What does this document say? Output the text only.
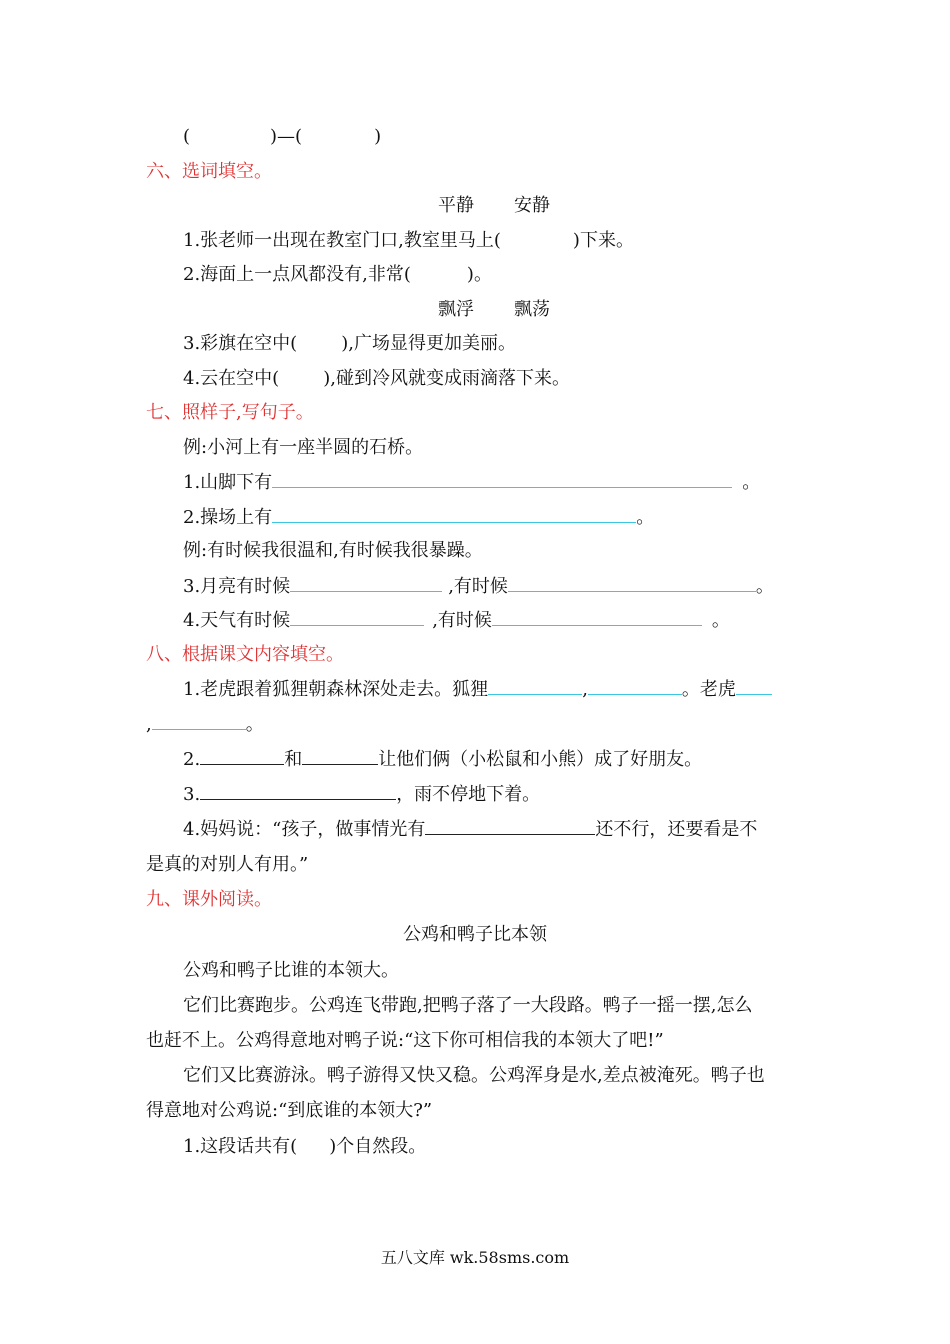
(	)—(	)
六、选词填空。
平静 安静
1.张老师一出现在教室门口,教室里马上(	)下来。
2.海面上一点风都没有,非常(	)。
飘浮 飘荡
3.彩旗在空中( ),广场显得更加美丽。
4.云在空中( ),碰到冷风就变成雨滴落下来。
七、照样子,写句子。
例:小河上有一座半圆的石桥。
1.山脚下有	。
2.操场上有	。
例:有时候我很温和,有时候我很暴躁。
3.月亮有时候	,有时候	。
4.天气有时候	,有时候	。
八、根据课文内容填空。
1.老虎跟着狐狸朝森林深处走去。狐狸	,	。老虎
,	。
2.	和	让他们俩（小松鼠和小熊）成了好朋友。
3.	，雨不停地下着。
4.妈妈说：“孩子，做事情光有	还不行，还要看是不
是真的对别人有用。”
九、课外阅读。
公鸡和鸭子比本领
公鸡和鸭子比谁的本领大。
它们比赛跑步。公鸡连飞带跑,把鸭子落了一大段路。鸭子一摇一摆,怎么
也赶不上。公鸡得意地对鸭子说:“这下你可相信我的本领大了吧!”
它们又比赛游泳。鸭子游得又快又稳。公鸡浑身是水,差点被淹死。鸭子也
得意地对公鸡说:“到底谁的本领大?”
1.这段话共有( )个自然段。
五八文库 wk.58sms.com
